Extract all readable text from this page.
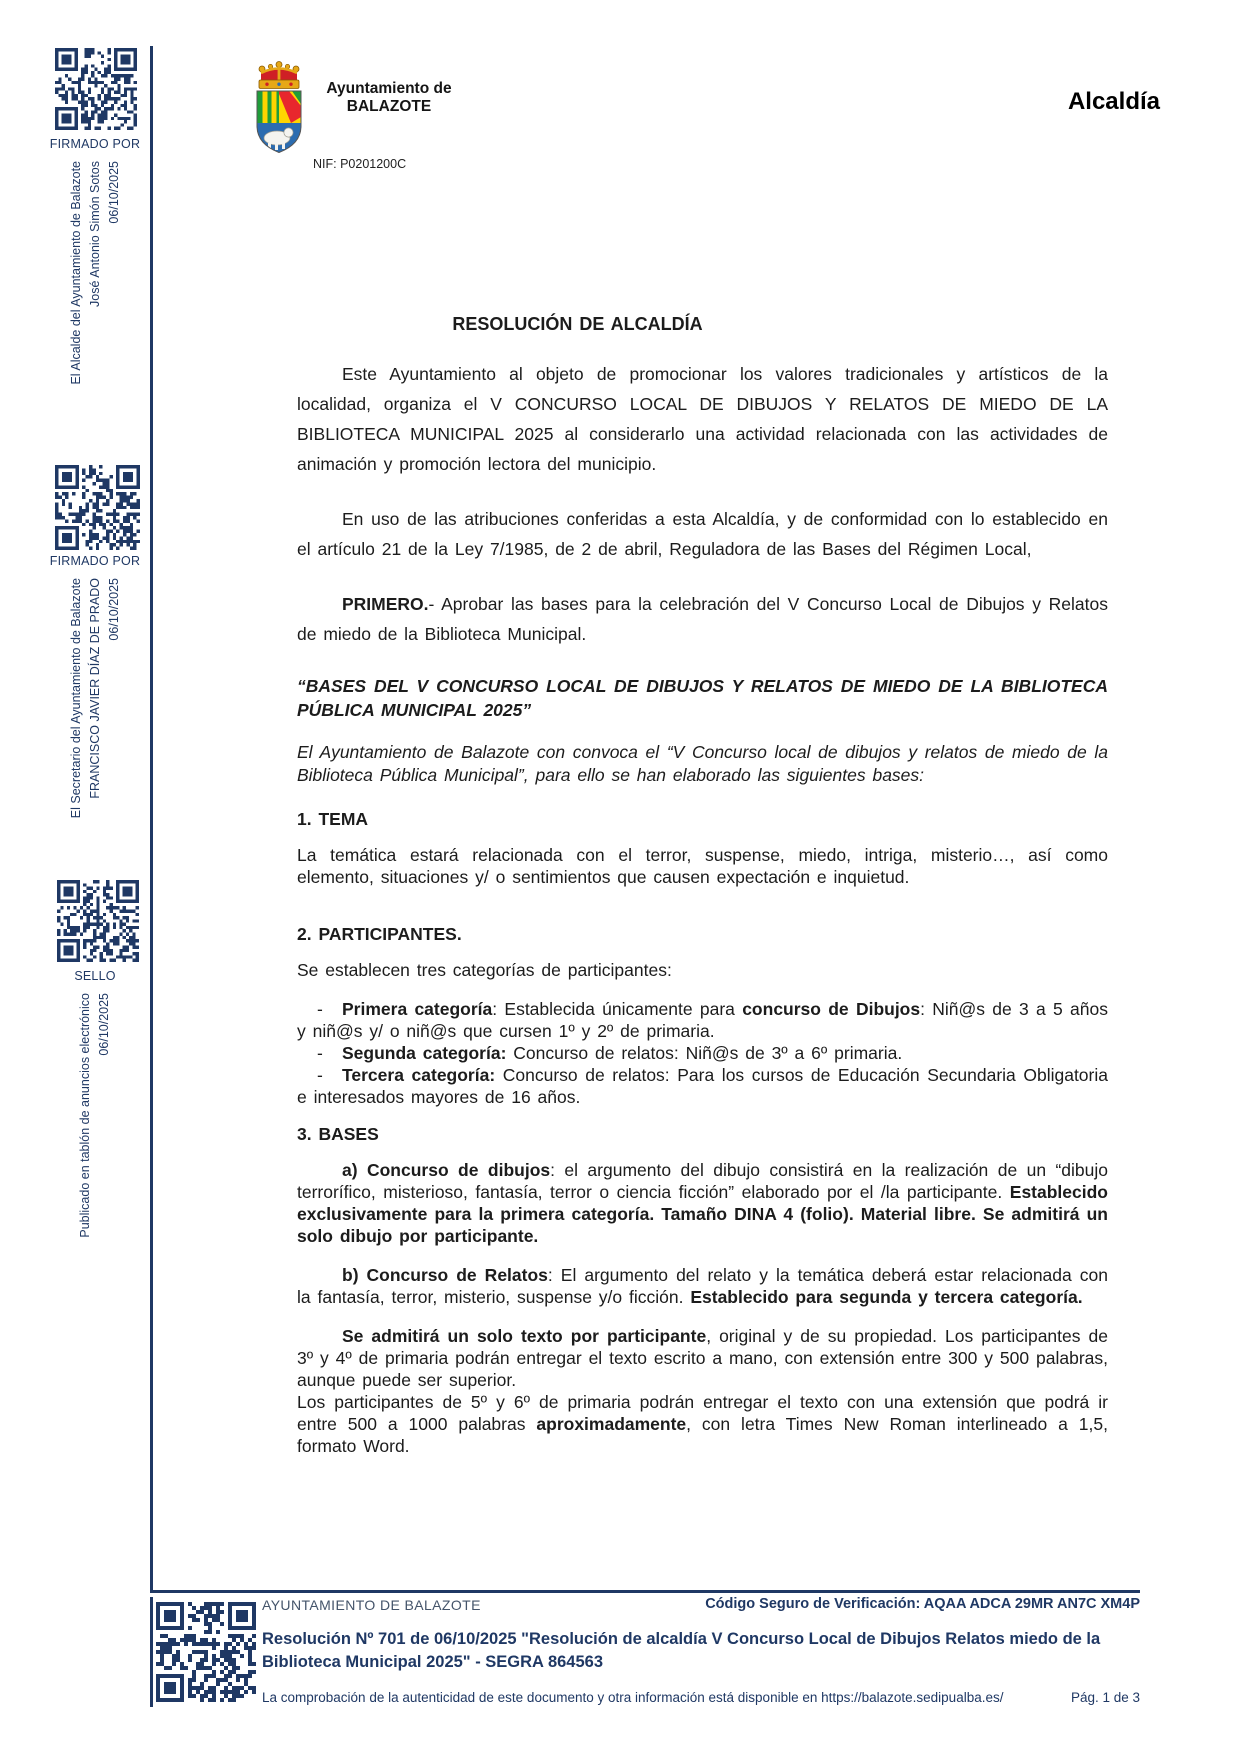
FIRMADO POR
El Alcalde del Ayuntamiento de Balazote José Antonio Simón Sotos 06/10/2025
FIRMADO POR
El Secretario del Ayuntamiento de Balazote FRANCISCO JAVIER DÍAZ DE PRADO 06/10/2025
SELLO
Publicado en tablón de anuncios electrónico 06/10/2025
Ayuntamiento de
BALAZOTE
NIF: P0201200C
Alcaldía

RESOLUCIÓN DE ALCALDÍA

Este Ayuntamiento al objeto de promocionar los valores tradicionales y artísticos de la localidad, organiza el V CONCURSO LOCAL DE DIBUJOS Y RELATOS DE MIEDO DE LA BIBLIOTECA MUNICIPAL 2025 al considerarlo una actividad relacionada con las actividades de animación y promoción lectora del municipio.

En uso de las atribuciones conferidas a esta Alcaldía, y de conformidad con lo establecido en el artículo 21 de la Ley 7/1985, de 2 de abril, Reguladora de las Bases del Régimen Local,

PRIMERO.- Aprobar las bases para la celebración del V Concurso Local de Dibujos y Relatos de miedo de la Biblioteca Municipal.

“BASES DEL V CONCURSO LOCAL DE DIBUJOS Y RELATOS DE MIEDO DE LA BIBLIOTECA PÚBLICA MUNICIPAL 2025”

El Ayuntamiento de Balazote con convoca el “V Concurso local de dibujos y relatos de miedo de la Biblioteca Pública Municipal”, para ello se han elaborado las siguientes bases:

1. TEMA

La temática estará relacionada con el terror, suspense, miedo, intriga, misterio…, así como elemento, situaciones y/ o sentimientos que causen expectación e inquietud.

2. PARTICIPANTES.

Se establecen tres categorías de participantes:

- Primera categoría: Establecida únicamente para concurso de Dibujos: Niñ@s de 3 a 5 años y niñ@s y/ o niñ@s que cursen 1º y 2º de primaria.

- Segunda categoría: Concurso de relatos: Niñ@s de 3º a 6º primaria.

- Tercera categoría: Concurso de relatos: Para los cursos de Educación Secundaria Obligatoria e interesados mayores de 16 años.

3. BASES

a) Concurso de dibujos: el argumento del dibujo consistirá en la realización de un “dibujo terrorífico, misterioso, fantasía, terror o ciencia ficción” elaborado por el /la participante. Establecido exclusivamente para la primera categoría. Tamaño DINA 4 (folio). Material libre. Se admitirá un solo dibujo por participante.

b) Concurso de Relatos: El argumento del relato y la temática deberá estar relacionada con la fantasía, terror, misterio, suspense y/o ficción. Establecido para segunda y tercera categoría.

Se admitirá un solo texto por participante, original y de su propiedad. Los participantes de 3º y 4º de primaria podrán entregar el texto escrito a mano, con extensión entre 300 y 500 palabras, aunque puede ser superior.

Los participantes de 5º y 6º de primaria podrán entregar el texto con una extensión que podrá ir entre 500 a 1000 palabras aproximadamente, con letra Times New Roman interlineado a 1,5, formato Word.

AYUNTAMIENTO DE BALAZOTE	Código Seguro de Verificación: AQAA ADCA 29MR AN7C XM4P
Resolución Nº 701 de 06/10/2025 "Resolución de alcaldía V Concurso Local de Dibujos Relatos miedo de la Biblioteca Municipal 2025" - SEGRA 864563
La comprobación de la autenticidad de este documento y otra información está disponible en https://balazote.sedipualba.es/	Pág. 1 de 3
